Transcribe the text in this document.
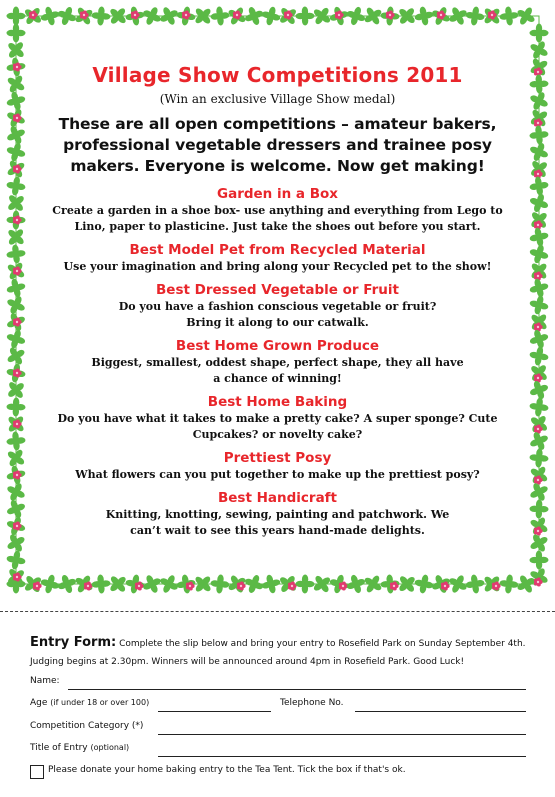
Village Show Competitions 2011
(Win an exclusive Village Show medal)
These are all open competitions – amateur bakers, professional vegetable dressers and trainee posy makers. Everyone is welcome. Now get making!
Garden in a Box
Create a garden in a shoe box- use anything and everything from Lego to Lino, paper to plasticine. Just take the shoes out before you start.
Best Model Pet from Recycled Material
Use your imagination and bring along your Recycled pet to the show!
Best Dressed Vegetable or Fruit
Do you have a fashion conscious vegetable or fruit? Bring it along to our catwalk.
Best Home Grown Produce
Biggest, smallest, oddest shape, perfect shape, they all have a chance of winning!
Best Home Baking
Do you have what it takes to make a pretty cake? A super sponge? Cute Cupcakes? or novelty cake?
Prettiest Posy
What flowers can you put together to make up the prettiest posy?
Best Handicraft
Knitting, knotting, sewing, painting and patchwork. We can’t wait to see this years hand-made delights.
Entry Form: Complete the slip below and bring your entry to Rosefield Park on Sunday September 4th. Judging begins at 2.30pm. Winners will be announced around 4pm in Rosefield Park. Good Luck!
Name:
Age (if under 18 or over 100)	Telephone No.
Competition Category (*)
Title of Entry (optional)
Please donate your home baking entry to the Tea Tent. Tick the box if that's ok.
